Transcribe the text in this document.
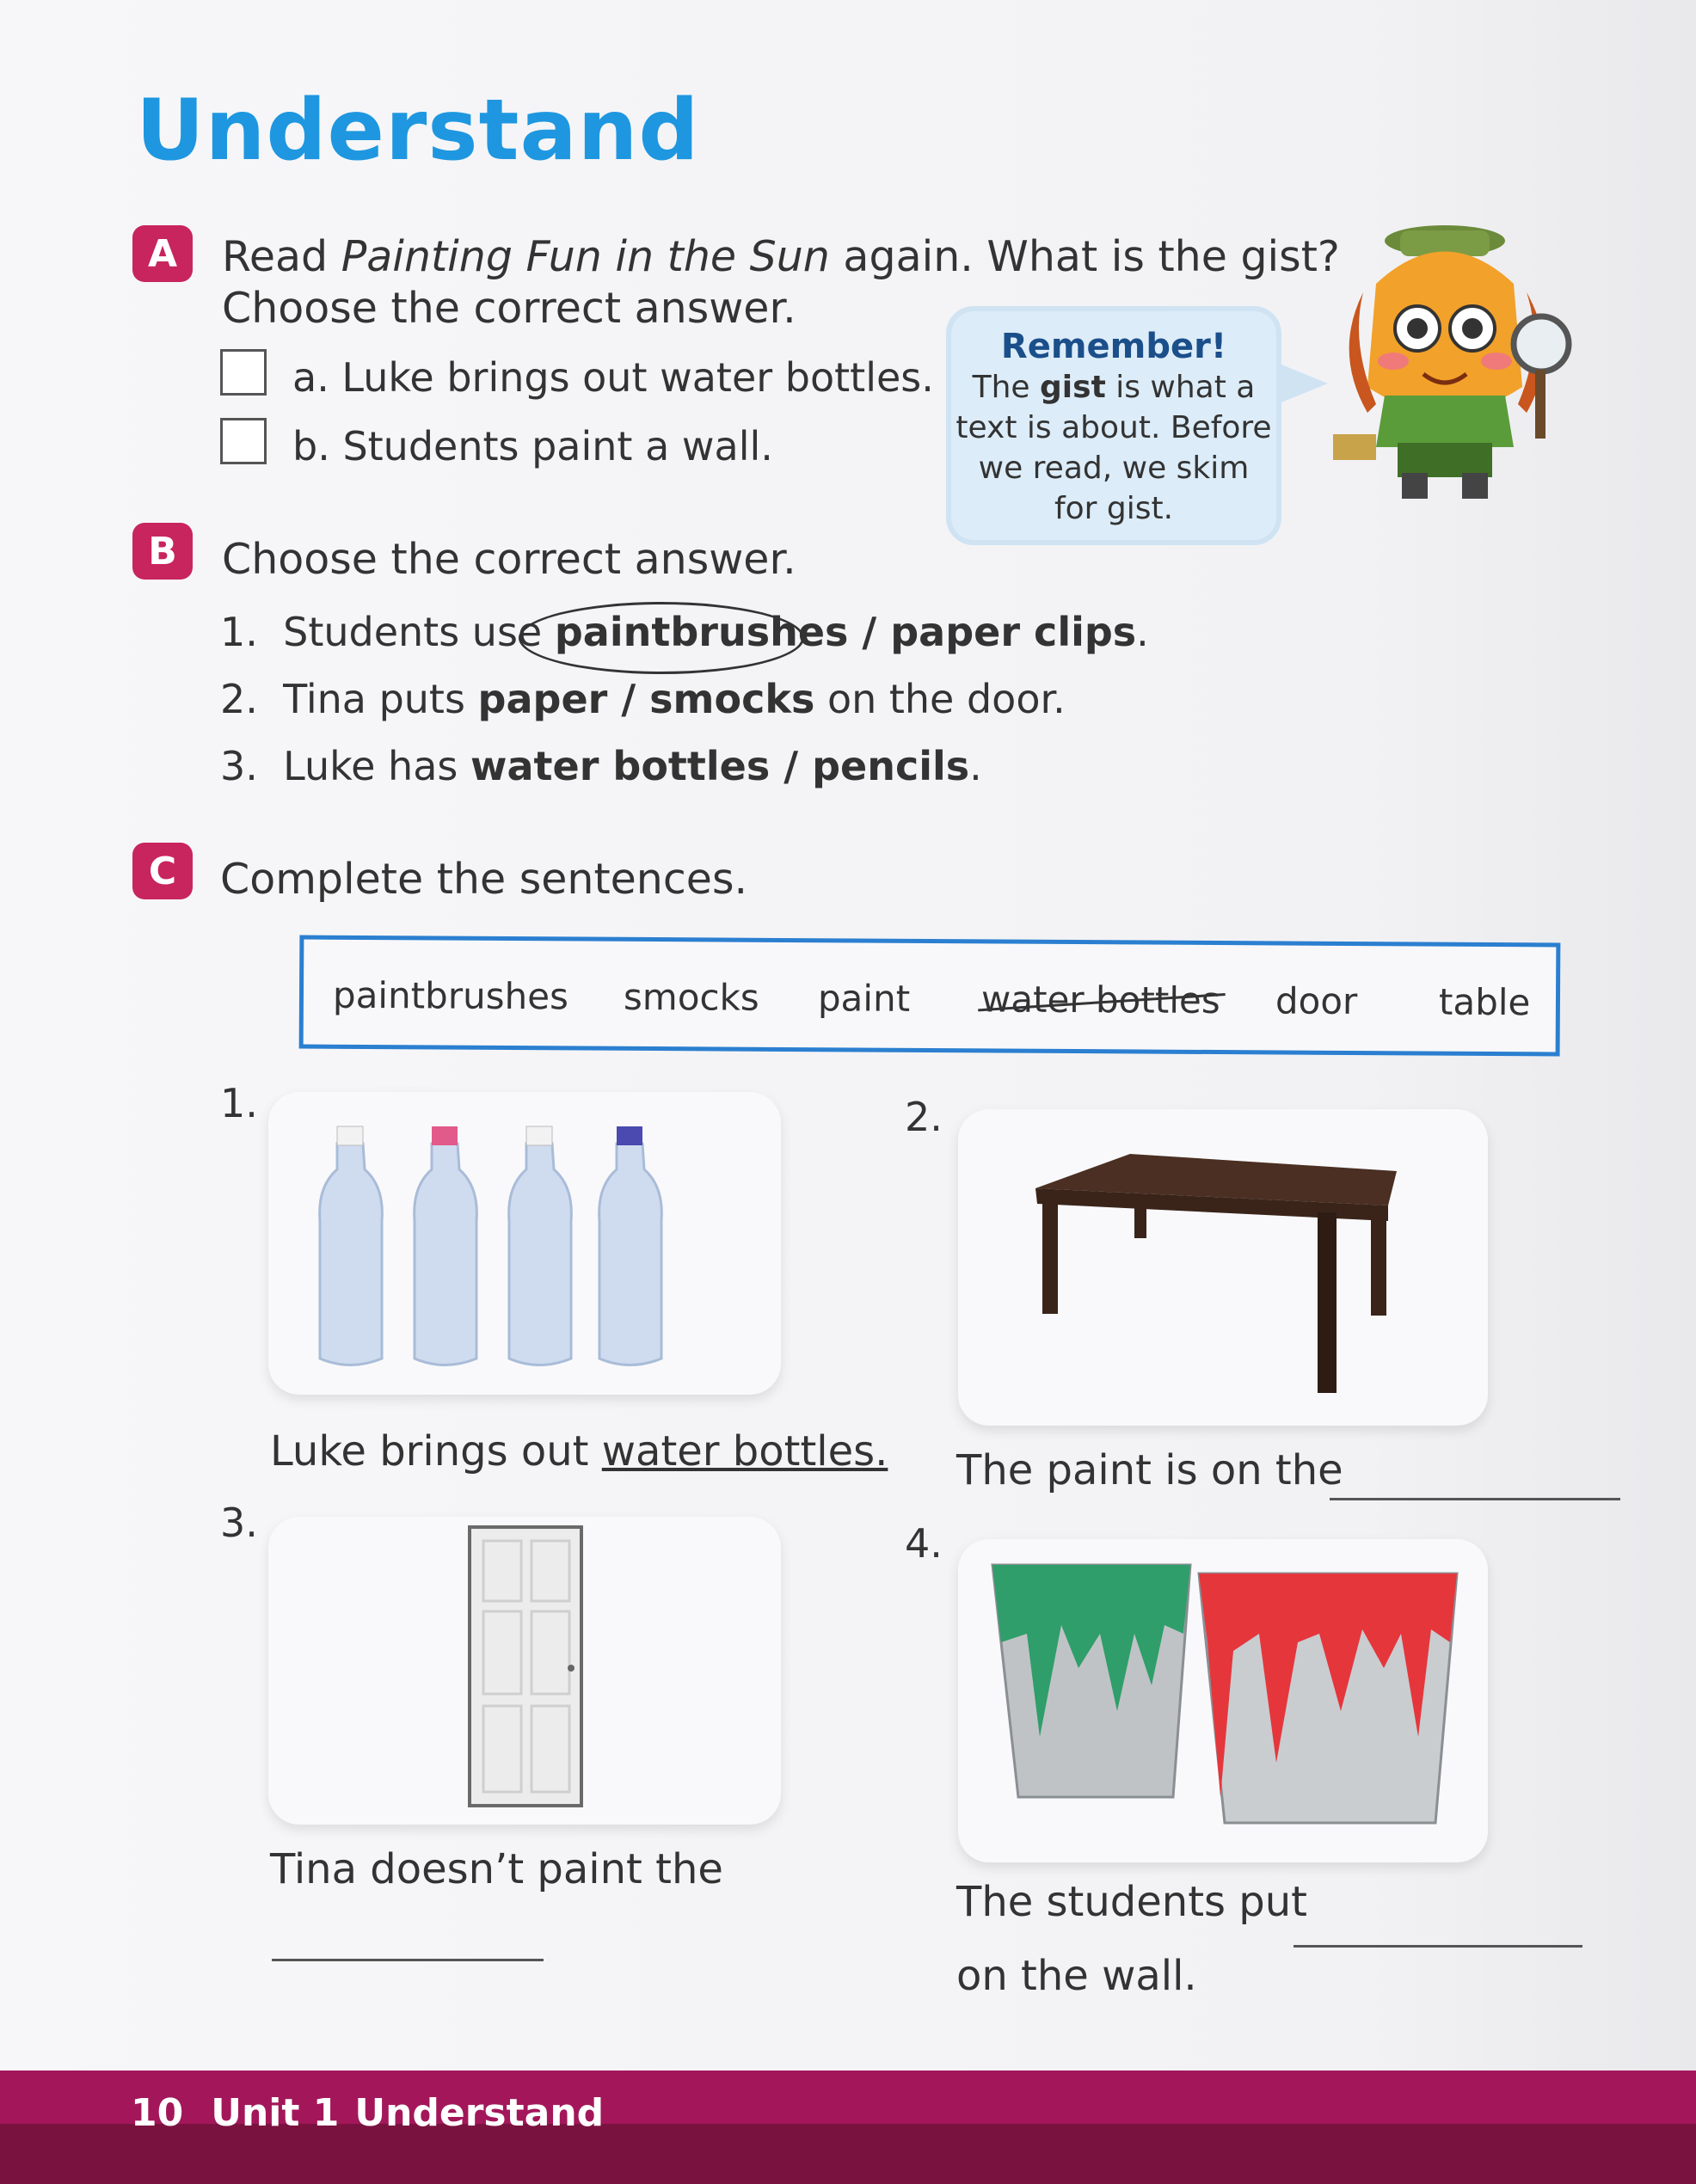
Understand
A	Read Painting Fun in the Sun again. What is the gist?
Choose the correct answer.
a. Luke brings out water bottles.
b. Students paint a wall.
Remember!
The gist is what a
text is about. Before
we read, we skim
for gist.
B	Choose the correct answer.
1. Students use paintbrushes / paper clips.
2. Tina puts paper / smocks on the door.
3. Luke has water bottles / pencils.
C	Complete the sentences.
paintbrushes smocks paint water bottles door table
1.
Luke brings out water bottles.
2.
The paint is on the
3.
Tina doesn’t paint the
4.
The students put
on the wall.
10 Unit 1 Understand
